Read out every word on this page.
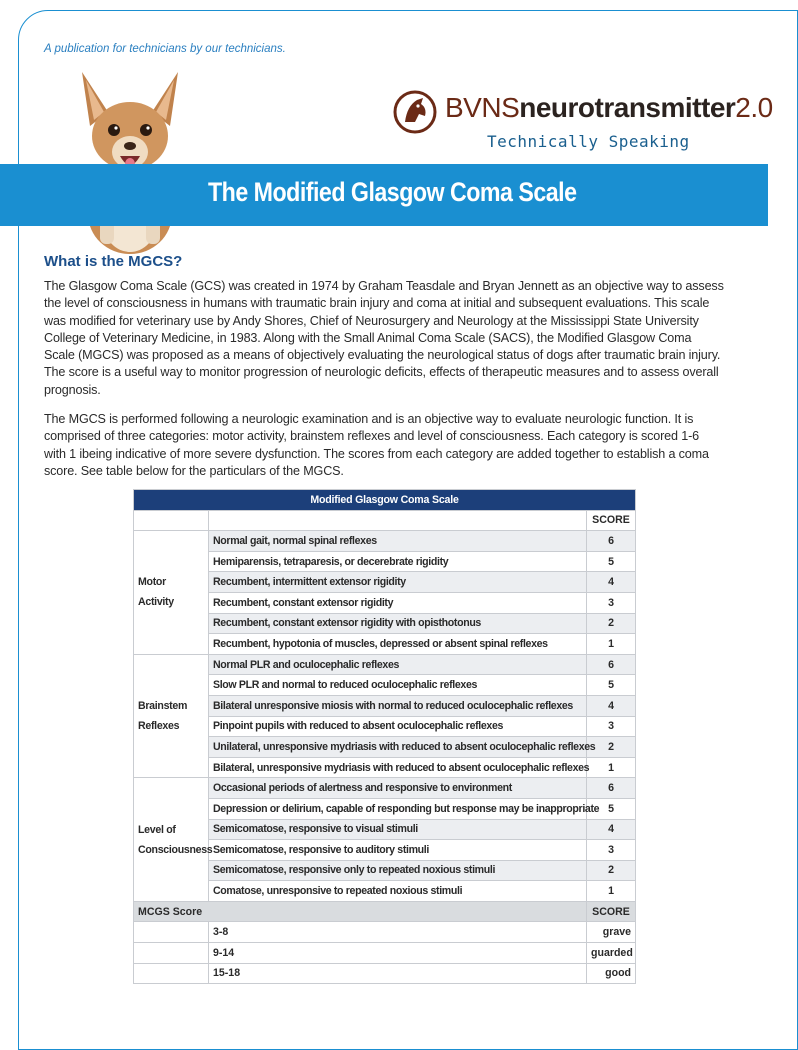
A publication for technicians by our technicians.
BVNSneurotransmitter2.0
Technically Speaking
The Modified Glasgow Coma Scale
What is the MGCS?

The Glasgow Coma Scale (GCS) was created in 1974 by Graham Teasdale and Bryan Jennett as an objective way to assess the level of consciousness in humans with traumatic brain injury and coma at initial and subsequent evaluations. This scale was modified for veterinary use by Andy Shores, Chief of Neurosurgery and Neurology at the Mississippi State University College of Veterinary Medicine, in 1983. Along with the Small Animal Coma Scale (SACS), the Modified Glasgow Coma Scale (MGCS) was proposed as a means of objectively evaluating the neurological status of dogs after traumatic brain injury. The score is a useful way to monitor progression of neurologic deficits, effects of therapeutic measures and to assess overall prognosis.

The MGCS is performed following a neurologic examination and is an objective way to evaluate neurologic function. It is comprised of three categories: motor activity, brainstem reflexes and level of consciousness. Each category is scored 1-6 with 1 ibeing indicative of more severe dysfunction. The scores from each category are added together to establish a coma score. See table below for the particulars of the MGCS.

Modified Glasgow Coma Scale		
		SCORE

Motor Activity	Normal gait, normal spinal reflexes	6
	Hemiparensis, tetraparesis, or decerebrate rigidity	5
	Recumbent, intermittent extensor rigidity	4
	Recumbent, constant extensor rigidity	3
	Recumbent, constant extensor rigidity with opisthotonus	2
	Recumbent, hypotonia of muscles, depressed or absent spinal reflexes	1

Brainstem Reflexes	Normal PLR and oculocephalic reflexes	6
	Slow PLR and normal to reduced oculocephalic reflexes	5
	Bilateral unresponsive miosis with normal to reduced oculocephalic reflexes	4
	Pinpoint pupils with reduced to absent oculocephalic reflexes	3
	Unilateral, unresponsive mydriasis with reduced to absent oculocephalic reflexes	2
	Bilateral, unresponsive mydriasis with reduced to absent oculocephalic reflexes	1

Level of Consciousness	Occasional periods of alertness and responsive to environment	6
	Depression or delirium, capable of responding but response may be inappropriate	5
	Semicomatose, responsive to visual stimuli	4
	Semicomatose, responsive to auditory stimuli	3
	Semicomatose, responsive only to repeated noxious stimuli	2
	Comatose, unresponsive to repeated noxious stimuli	1
MCGS Score		SCORE
	3-8	grave
	9-14	guarded
	15-18	good
